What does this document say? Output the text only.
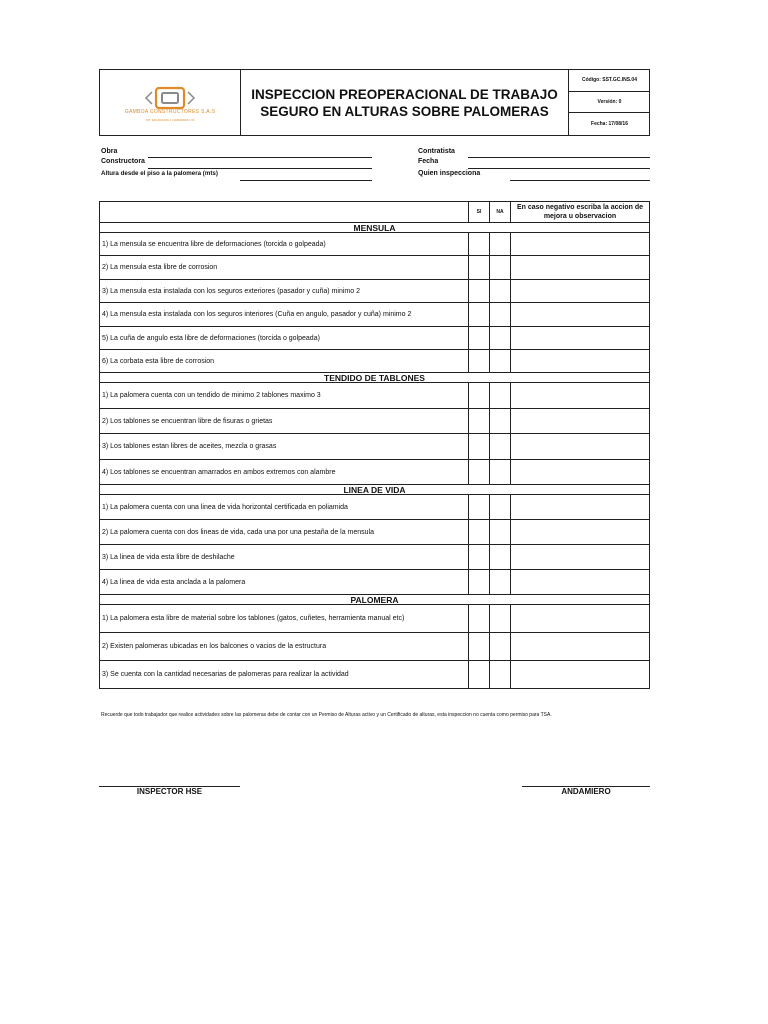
GAMBOA CONSTRUCTORES S.A.S
NIT: 900.000.000-1 | 000000000 | 00
INSPECCION PREOPERACIONAL DE TRABAJO SEGURO EN ALTURAS SOBRE PALOMERAS
Código: SST.GC.INS.04
Versión: 0
Fecha: 17/08/16
Obra
Constructora
Altura desde el piso a la palomera (mts)
Contratista
Fecha
Quien inspecciona
SI	NA
En caso negativo escriba la accion de mejora u observacion
MENSULA
1) La mensula se encuentra libre de deformaciones (torcida o golpeada)
2) La mensula esta libre de corrosion
3) La mensula esta instalada con los seguros exteriores (pasador y cuña) minimo 2
4) La mensula esta instalada con los seguros interiores (Cuña en angulo, pasador y cuña) minimo 2
5) La cuña de angulo esta libre de deformaciones (torcida o golpeada)
6) La corbata esta libre de corrosion
TENDIDO DE TABLONES
1) La palomera cuenta con un tendido de minimo 2 tablones maximo 3
2) Los tablones se encuentran libre de fisuras o grietas
3) Los tablones estan libres de aceites, mezcla o grasas
4) Los tablones se encuentran amarrados en ambos extremos con alambre
LINEA DE VIDA
1) La palomera cuenta con una linea de vida horizontal certificada en poliamida
2) La palomera cuenta con dos lineas de vida, cada una por una pestaña de la mensula
3) La linea de vida esta libre de deshilache
4) La linea de vida esta anclada a la palomera
PALOMERA
1) La palomera esta libre de material sobre los tablones (gatos, cuñetes, herramienta manual etc)
2) Existen palomeras ubicadas en los balcones o vacios de la estructura
3) Se cuenta con la cantidad necesarias de palomeras para realizar la actividad
Recuerde que todo trabajador que realice actividades sobre las palomeras debe de contar con un Permiso de Alturas activo y un Certificado de alturas, esta inspeccion no cuenta como permiso para TSA.
INSPECTOR HSE	ANDAMIERO
